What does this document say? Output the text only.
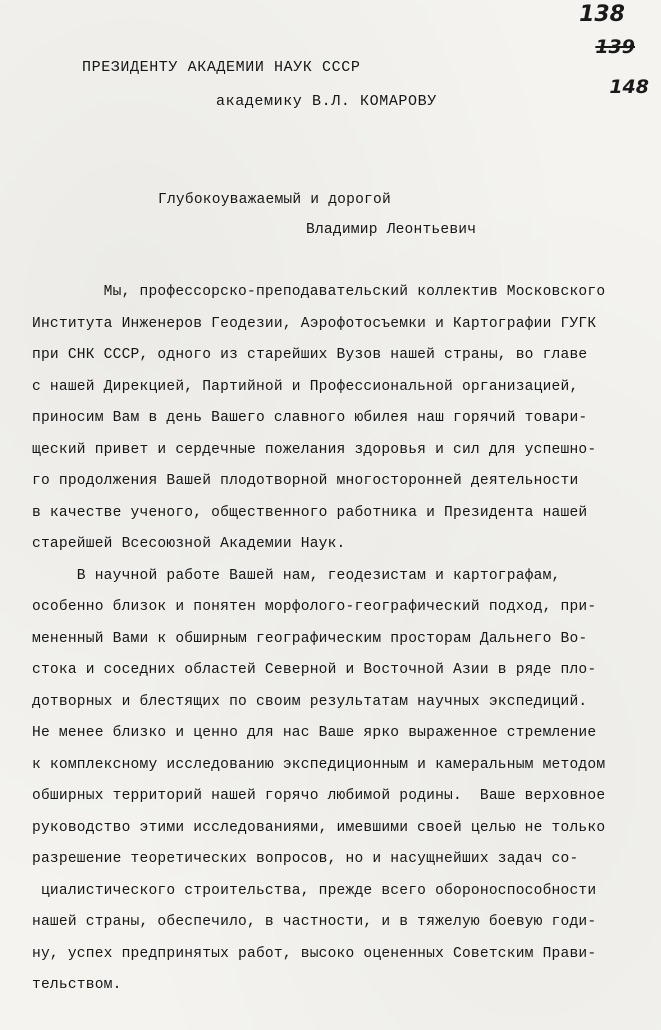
138
139
148
ПРЕЗИДЕНТУ АКАДЕМИИ НАУК СССР
академику В.Л. КОМАРОВУ
Глубокоуважаемый и дорогой
Владимир Леонтьевич
Мы, профессорско-преподавательский коллектив Московского
Института Инженеров Геодезии, Аэрофотосъемки и Картографии ГУГК
при СНК СССР, одного из старейших Вузов нашей страны, во главе
с нашей Дирекцией, Партийной и Профессиональной организацией,
приносим Вам в день Вашего славного юбилея наш горячий товари-
щеский привет и сердечные пожелания здоровья и сил для успешно-
го продолжения Вашей плодотворной многосторонней деятельности
в качестве ученого, общественного работника и Президента нашей
старейшей Всесоюзной Академии Наук.
В научной работе Вашей нам, геодезистам и картографам,
особенно близок и понятен морфолого-географический подход, при-
мененный Вами к обширным географическим просторам Дальнего Во-
стока и соседних областей Северной и Восточной Азии в ряде пло-
дотворных и блестящих по своим результатам научных экспедиций.
Не менее близко и ценно для нас Ваше ярко выраженное стремление
к комплексному исследованию экспедиционным и камеральным методом
обширных территорий нашей горячо любимой родины.  Ваше верховное
руководство этими исследованиями, имевшими своей целью не только
разрешение теоретических вопросов, но и насущнейших задач со-
циалистического строительства, прежде всего обороноспособности
нашей страны, обеспечило, в частности, и в тяжелую боевую годи-
ну, успех предпринятых работ, высоко оцененных Советским Прави-
тельством.
